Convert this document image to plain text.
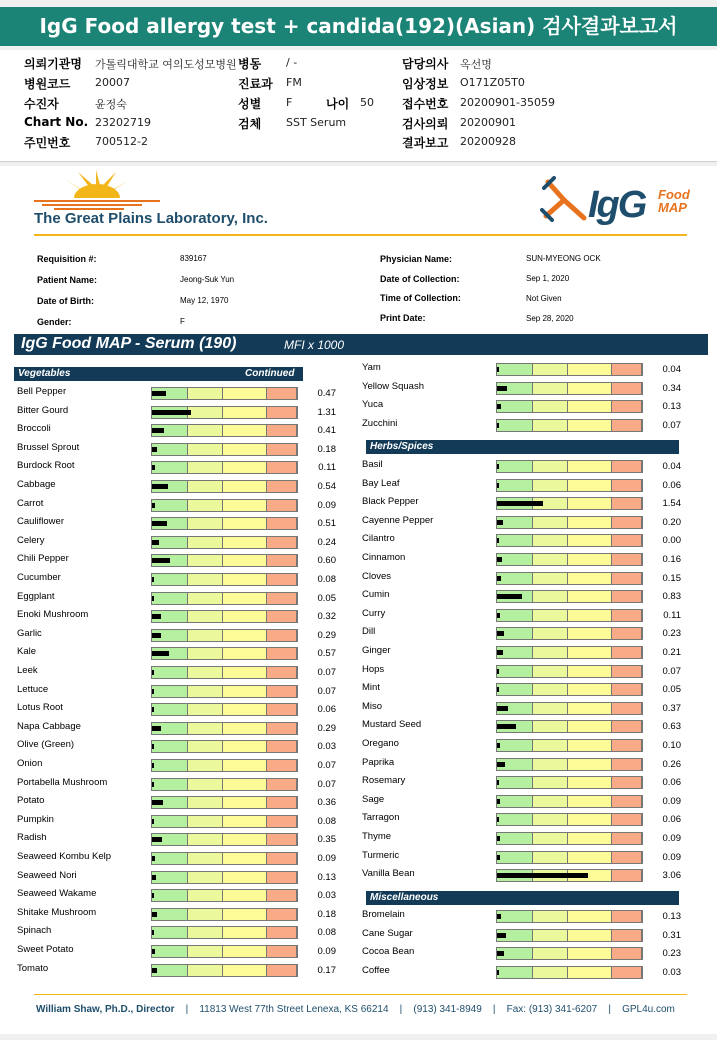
IgG Food allergy test + candida(192)(Asian) 검사결과보고서
의뢰기관명 가톨릭대학교 여의도성모병원 병동 / -	담당의사 옥선명
병원코드 20007	진료과 FM	임상정보 O171Z05T0
수진자	윤정숙	성별 F	나이 50 접수번호 20200901-35059
Chart No. 23202719	검체 SST Serum	검사의뢰 20200901
주민번호 700512-2	결과보고 20200928
The Great Plains Laboratory, Inc.	IgG Food
MAP
Requisition #:	839167
Patient Name:	Jeong-Suk Yun
Date of Birth:	May 12, 1970
Gender:	F
Physician Name:	SUN-MYEONG OCK
Date of Collection:	Sep 1, 2020
Time of Collection:	Not Given
Print Date:	Sep 28, 2020
IgG Food MAP - Serum (190)	MFI x 1000
Vegetables	Continued
Herbs/Spices
Miscellaneous
Bell Pepper	0.47
Bitter Gourd	1.31
Broccoli	0.41
Brussel Sprout	0.18
Burdock Root	0.11
Cabbage	0.54
Carrot	0.09
Cauliflower	0.51
Celery	0.24
Chili Pepper	0.60
Cucumber	0.08
Eggplant	0.05
Enoki Mushroom	0.32
Garlic	0.29
Kale	0.57
Leek	0.07
Lettuce	0.07
Lotus Root	0.06
Napa Cabbage	0.29
Olive (Green)	0.03
Onion	0.07
Portabella Mushroom	0.07
Potato	0.36
Pumpkin	0.08
Radish	0.35
Seaweed Kombu Kelp	0.09
Seaweed Nori	0.13
Seaweed Wakame	0.03
Shitake Mushroom	0.18
Spinach	0.08
Sweet Potato	0.09
Tomato	0.17
Yam	0.04
Yellow Squash	0.34
Yuca	0.13
Zucchini	0.07
Basil	0.04
Bay Leaf	0.06
Black Pepper	1.54
Cayenne Pepper	0.20
Cilantro	0.00
Cinnamon	0.16
Cloves	0.15
Cumin	0.83
Curry	0.11
Dill	0.23
Ginger	0.21
Hops	0.07
Mint	0.05
Miso	0.37
Mustard Seed	0.63
Oregano	0.10
Paprika	0.26
Rosemary	0.06
Sage	0.09
Tarragon	0.06
Thyme	0.09
Turmeric	0.09
Vanilla Bean	3.06
Bromelain	0.13
Cane Sugar	0.31
Cocoa Bean	0.23
Coffee	0.03
William Shaw, Ph.D., Director    |    11813 West 77th Street Lenexa, KS 66214    |    (913) 341-8949    |    Fax: (913) 341-6207    |    GPL4u.com
